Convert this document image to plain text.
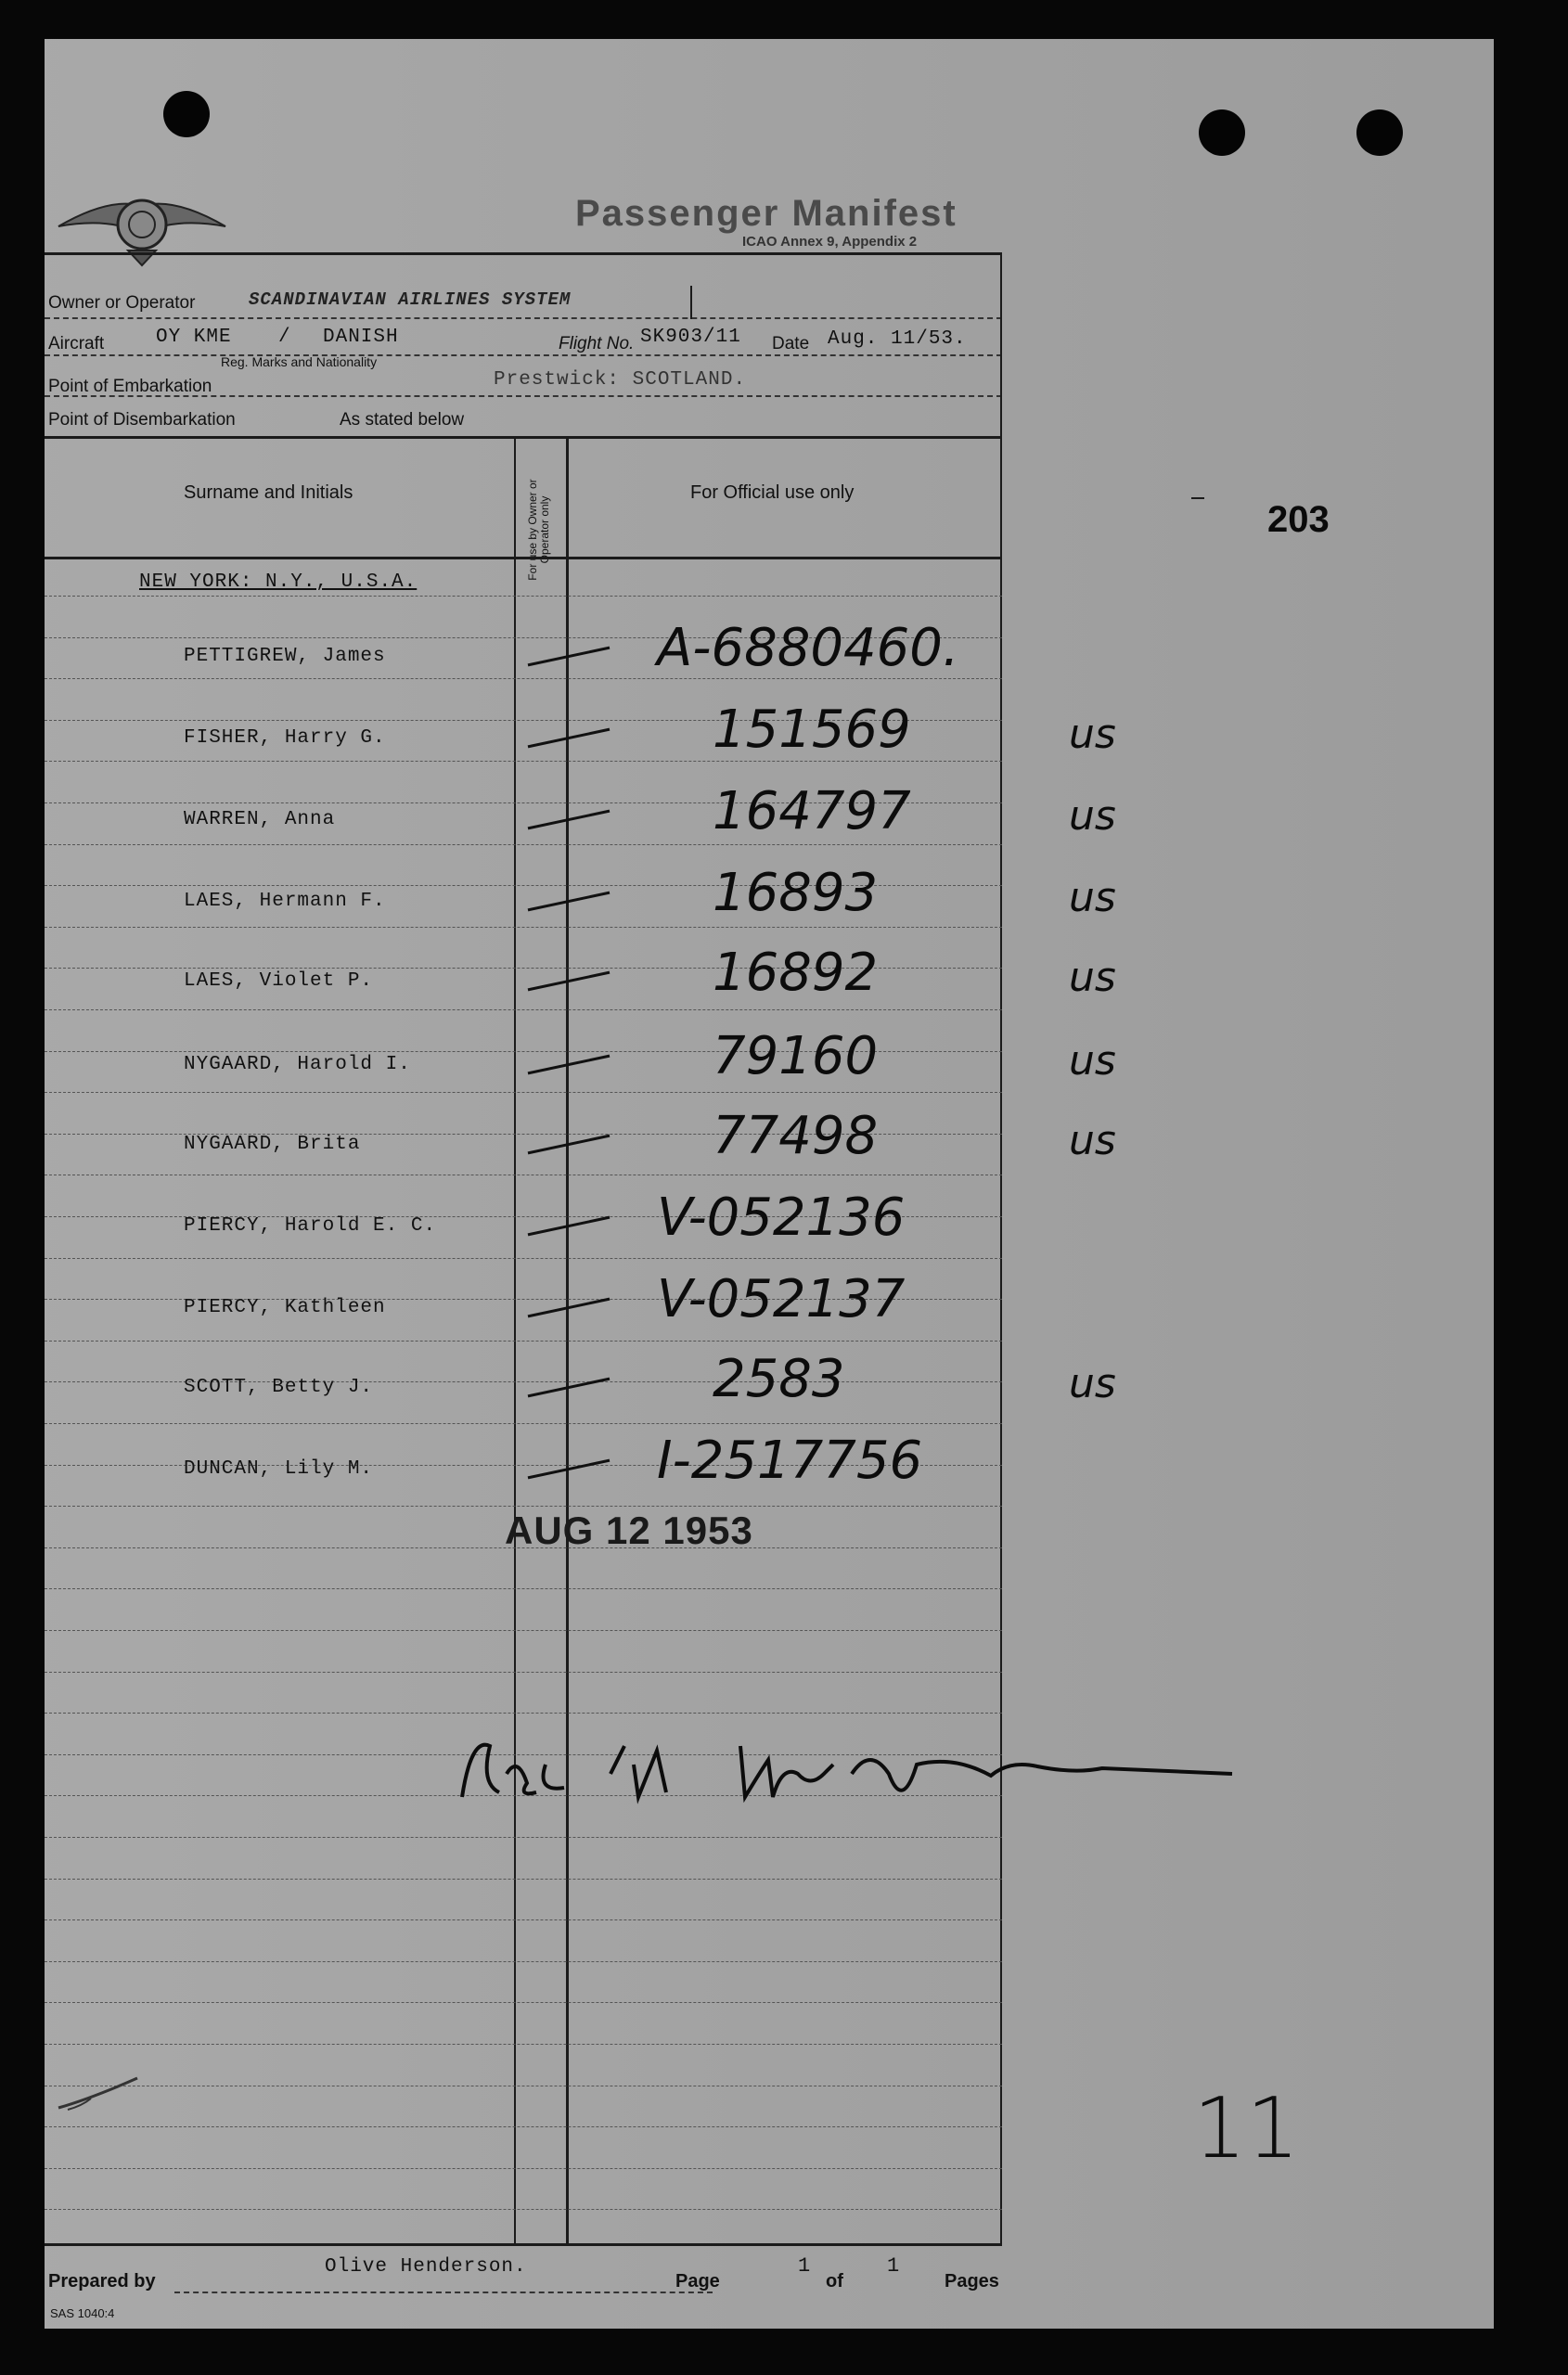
Passenger Manifest
ICAO Annex 9, Appendix 2
Owner or Operator	SCANDINAVIAN AIRLINES SYSTEM
Aircraft	OY KME / DANISH
Reg. Marks and Nationality
Flight No. SK903/11 Date Aug. 11/53.
Point of Embarkation	Prestwick: SCOTLAND.
Point of Disembarkation	As stated below
Surname and Initials	For use by Owner or Operator only
For Official use only
203
NEW YORK: N.Y., U.S.A.
PETTIGREW, James	A-6880460.
FISHER, Harry G.	151569	us
WARREN, Anna	164797	us
LAES, Hermann F.	16893	us
LAES, Violet P.	16892	us
NYGAARD, Harold I.	79160	us
NYGAARD, Brita	77498	us
PIERCY, Harold E. C.	V-052136
PIERCY, Kathleen	V-052137
SCOTT, Betty J.	2583	us
DUNCAN, Lily M.	I-2517756
AUG 12 1953
11
Prepared by
Olive Henderson.
Page
1
of
1
Pages
SAS 1040:4
